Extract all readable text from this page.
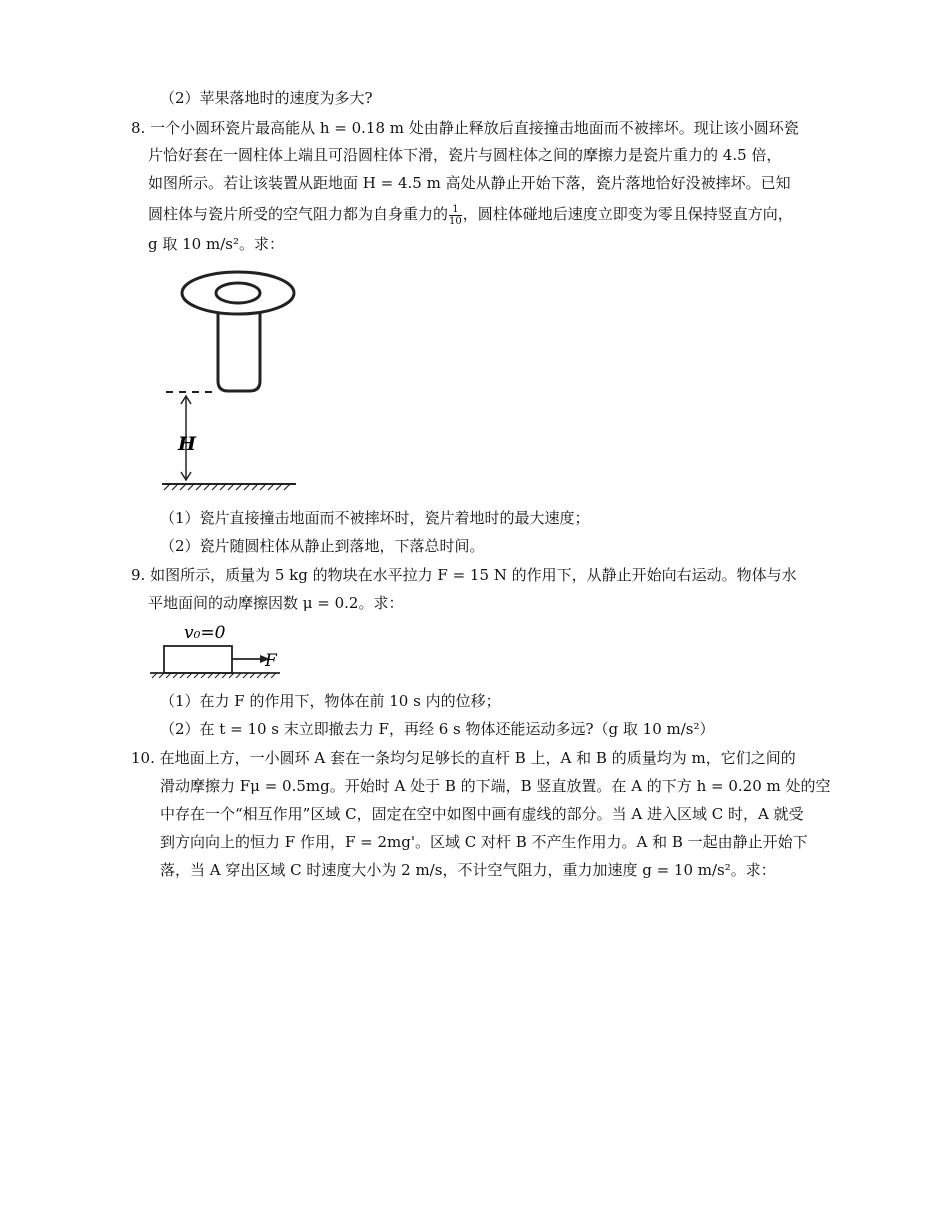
（2）苹果落地时的速度为多大?
8. 一个小圆环瓷片最高能从 h = 0.18 m 处由静止释放后直接撞击地面而不被摔坏。现让该小圆环瓷
片恰好套在一圆柱体上端且可沿圆柱体下滑，瓷片与圆柱体之间的摩擦力是瓷片重力的 4.5 倍，
如图所示。若让该装置从距地面 H = 4.5 m 高处从静止开始下落，瓷片落地恰好没被摔坏。已知
圆柱体与瓷片所受的空气阻力都为自身重力的 $\frac{1}{10}$ ，圆柱体碰地后速度立即变为零且保持竖直方向，
g 取 10 m/s²。求：
H
（1）瓷片直接撞击地面而不被摔坏时，瓷片着地时的最大速度；
（2）瓷片随圆柱体从静止到落地，下落总时间。
9. 如图所示，质量为 5 kg 的物块在水平拉力 F = 15 N 的作用下，从静止开始向右运动。物体与水
平地面间的动摩擦因数 μ = 0.2。求：
v₀=0
F
（1）在力 F 的作用下，物体在前 10 s 内的位移；
（2）在 t = 10 s 末立即撤去力 F，再经 6 s 物体还能运动多远?（g 取 10 m/s²）
10. 在地面上方，一小圆环 A 套在一条均匀足够长的直杆 B 上，A 和 B 的质量均为 m，它们之间的
滑动摩擦力 Fμ = 0.5mg。开始时 A 处于 B 的下端，B 竖直放置。在 A 的下方 h = 0.20 m 处的空
中存在一个“相互作用”区域 C，固定在空中如图中画有虚线的部分。当 A 进入区域 C 时，A 就受
到方向向上的恒力 F 作用，F = 2mg'。区域 C 对杆 B 不产生作用力。A 和 B 一起由静止开始下
落，当 A 穿出区域 C 时速度大小为 2 m/s，不计空气阻力，重力加速度 g = 10 m/s²。求：
